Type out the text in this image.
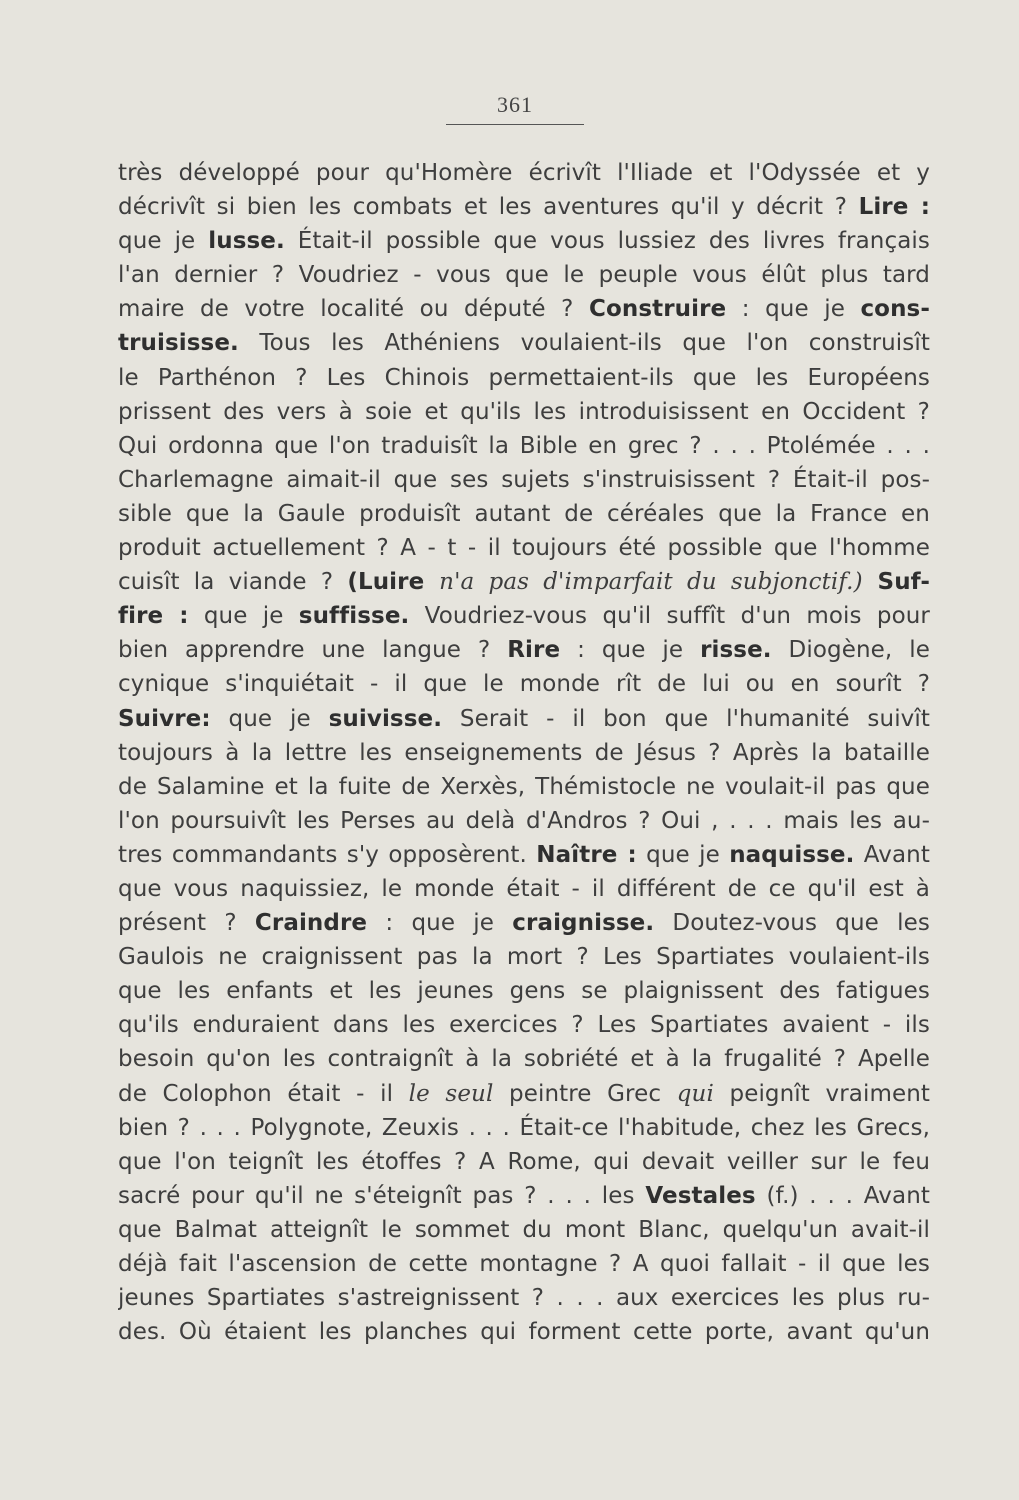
361
très développé pour qu'Homère écrivît l'Iliade et l'Odyssée et y
décrivît si bien les combats et les aventures qu'il y décrit ? Lire :
que je lusse. Était-il possible que vous lussiez des livres français
l'an dernier ? Voudriez - vous que le peuple vous élût plus tard
maire de votre localité ou député ? Construire : que je cons-
truisisse. Tous les Athéniens voulaient-ils que l'on construisît
le Parthénon ? Les Chinois permettaient-ils que les Européens
prissent des vers à soie et qu'ils les introduisissent en Occident ?
Qui ordonna que l'on traduisît la Bible en grec ? . . . Ptolémée . . .
Charlemagne aimait-il que ses sujets s'instruisissent ? Était-il pos-
sible que la Gaule produisît autant de céréales que la France en
produit actuellement ? A - t - il toujours été possible que l'homme
cuisît la viande ? (Luire n'a pas d'imparfait du subjonctif.) Suf-
fire : que je suffisse. Voudriez-vous qu'il suffît d'un mois pour
bien apprendre une langue ? Rire : que je risse. Diogène, le
cynique s'inquiétait - il que le monde rît de lui ou en sourît ?
Suivre: que je suivisse. Serait - il bon que l'humanité suivît
toujours à la lettre les enseignements de Jésus ? Après la bataille
de Salamine et la fuite de Xerxès, Thémistocle ne voulait-il pas que
l'on poursuivît les Perses au delà d'Andros ? Oui , . . . mais les au-
tres commandants s'y opposèrent. Naître : que je naquisse. Avant
que vous naquissiez, le monde était - il différent de ce qu'il est à
présent ? Craindre : que je craignisse. Doutez-vous que les
Gaulois ne craignissent pas la mort ? Les Spartiates voulaient-ils
que les enfants et les jeunes gens se plaignissent des fatigues
qu'ils enduraient dans les exercices ? Les Spartiates avaient - ils
besoin qu'on les contraignît à la sobriété et à la frugalité ? Apelle
de Colophon était - il le seul peintre Grec qui peignît vraiment
bien ? . . . Polygnote, Zeuxis . . . Était-ce l'habitude, chez les Grecs,
que l'on teignît les étoffes ? A Rome, qui devait veiller sur le feu
sacré pour qu'il ne s'éteignît pas ? . . . les Vestales (f.) . . . Avant
que Balmat atteignît le sommet du mont Blanc, quelqu'un avait-il
déjà fait l'ascension de cette montagne ? A quoi fallait - il que les
jeunes Spartiates s'astreignissent ? . . . aux exercices les plus ru-
des. Où étaient les planches qui forment cette porte, avant qu'un
